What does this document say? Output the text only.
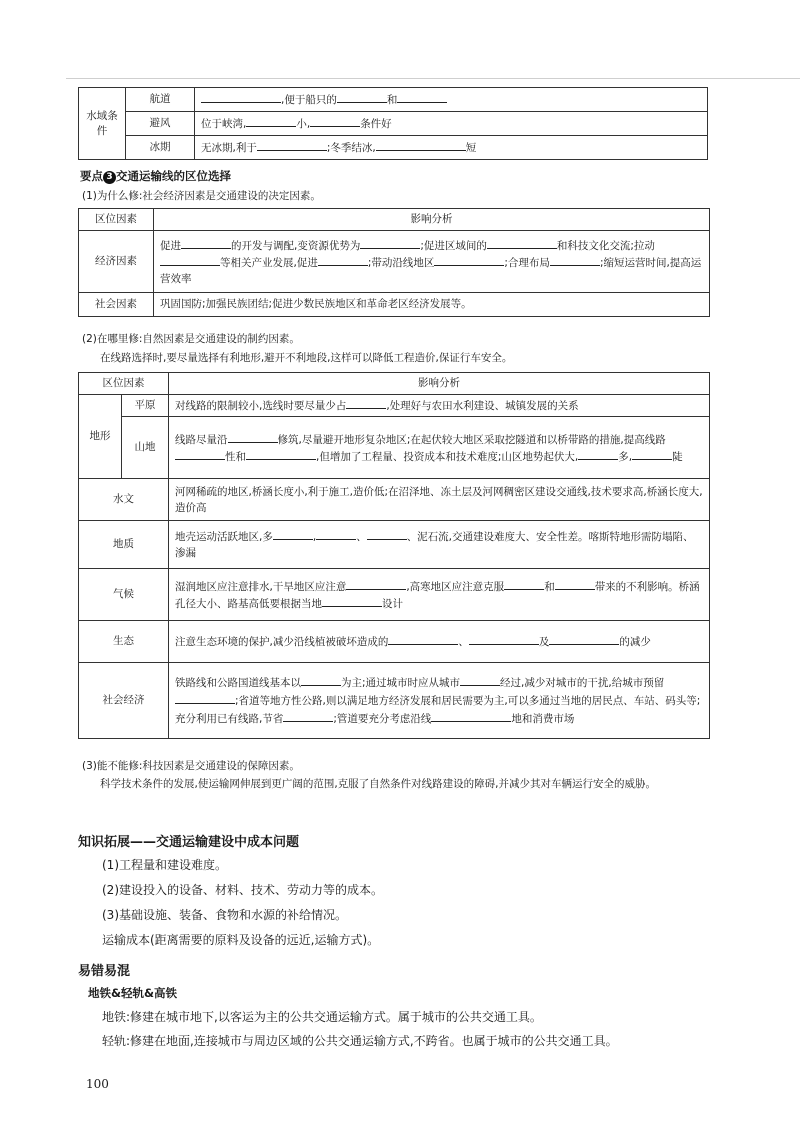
水域条件	航道	,便于船只的 和
	避风	位于峡湾, 小, 条件好
	冰期	无冰期,利于 ;冬季结冰, 短
要点 3 交通运输线的区位选择
(1)为什么修:社会经济因素是交通建设的决定因素。
区位因素	影响分析
经济因素	促进 的开发与调配,变资源优势为 ;促进区域间的 和科技文化交流;拉动等相关产业发展,促进 ;带动沿线地区 ;合理布局 ;缩短运营时间,提高运营效率
社会因素	巩固国防;加强民族团结;促进少数民族地区和革命老区经济发展等。
(2)在哪里修:自然因素是交通建设的制约因素。
在线路选择时,要尽量选择有利地形,避开不利地段,这样可以降低工程造价,保证行车安全。
区位因素		影响分析
地形	平原	对线路的限制较小,选线时要尽量少占 ,处理好与农田水利建设、城镇发展的关系
	山地	线路尽量沿 修筑,尽量避开地形复杂地区;在起伏较大地区采取挖隧道和以桥带路的措施,提高线路性和 ,但增加了工程量、投资成本和技术难度;山区地势起伏大, 多, 陡
水文		河网稀疏的地区,桥涵长度小,利于施工,造价低;在沼泽地、冻土层及河网稠密区建设交通线,技术要求高,桥涵长度大,造价高
地质		地壳运动活跃地区,多 , 、 、泥石流,交通建设难度大、安全性差。喀斯特地形需防塌陷、渗漏
气候		湿润地区应注意排水,干旱地区应注意 ,高寒地区应注意克服 和 带来的不利影响。桥涵孔径大小、路基高低要根据当地 设计
生态		注意生态环境的保护,减少沿线植被破坏造成的 、 及 的减少
社会经济		铁路线和公路国道线基本以 为主;通过城市时应从城市 经过,减少对城市的干扰,给城市预留;省道等地方性公路,则以满足地方经济发展和居民需要为主,可以多通过当地的居民点、车站、码头等;充分利用已有线路,节省 ;管道要充分考虑沿线 地和消费市场
(3)能不能修:科技因素是交通建设的保障因素。
科学技术条件的发展,使运输网伸展到更广阔的范围,克服了自然条件对线路建设的障碍,并减少其对车辆运行安全的威胁。
知识拓展——交通运输建设中成本问题
(1)工程量和建设难度。
(2)建设投入的设备、材料、技术、劳动力等的成本。
(3)基础设施、装备、食物和水源的补给情况。
运输成本(距离需要的原料及设备的远近,运输方式)。
易错易混
地铁&轻轨&高铁
地铁:修建在城市地下,以客运为主的公共交通运输方式。属于城市的公共交通工具。
轻轨:修建在地面,连接城市与周边区域的公共交通运输方式,不跨省。也属于城市的公共交通工具。
100
